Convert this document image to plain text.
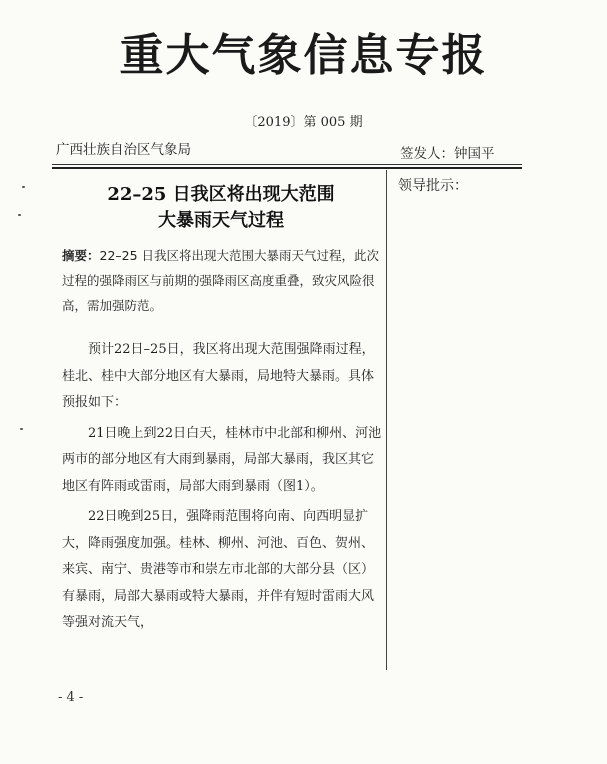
重大气象信息专报
〔2019〕第 005 期
广西壮族自治区气象局	签发人：钟国平
领导批示：
22–25 日我区将出现大范围
大暴雨天气过程
摘要：22–25 日我区将出现大范围大暴雨天气过程，此次过程的强降雨区与前期的强降雨区高度重叠，致灾风险很高，需加强防范。

预计22日–25日，我区将出现大范围强降雨过程，桂北、桂中大部分地区有大暴雨，局地特大暴雨。具体预报如下：

21日晚上到22日白天，桂林市中北部和柳州、河池两市的部分地区有大雨到暴雨，局部大暴雨，我区其它地区有阵雨或雷雨，局部大雨到暴雨（图1）。

22日晚到25日，强降雨范围将向南、向西明显扩大，降雨强度加强。桂林、柳州、河池、百色、贺州、来宾、南宁、贵港等市和崇左市北部的大部分县（区）有暴雨，局部大暴雨或特大暴雨，并伴有短时雷雨大风等强对流天气，

- 4 -
